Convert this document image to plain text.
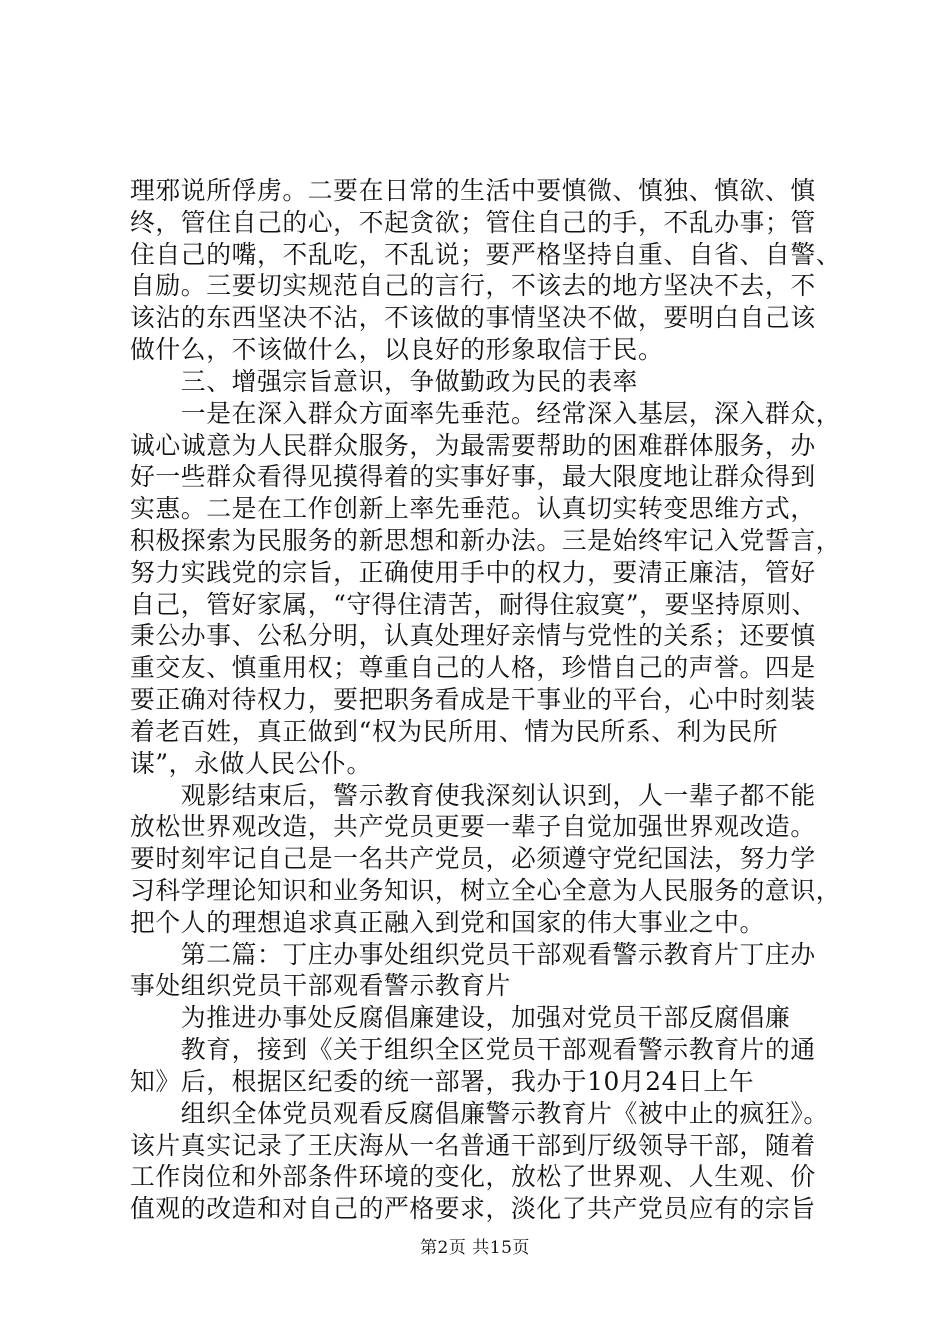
理邪说所俘虏。二要在日常的生活中要慎微、慎独、慎欲、慎
终，管住自己的心，不起贪欲；管住自己的手，不乱办事；管
住自己的嘴，不乱吃，不乱说；要严格坚持自重、自省、自警、
自励。三要切实规范自己的言行，不该去的地方坚决不去，不
该沾的东西坚决不沾，不该做的事情坚决不做，要明白自己该
做什么，不该做什么，以良好的形象取信于民。
　　三、增强宗旨意识，争做勤政为民的表率
　　一是在深入群众方面率先垂范。经常深入基层，深入群众，
诚心诚意为人民群众服务，为最需要帮助的困难群体服务，办
好一些群众看得见摸得着的实事好事，最大限度地让群众得到
实惠。二是在工作创新上率先垂范。认真切实转变思维方式，
积极探索为民服务的新思想和新办法。三是始终牢记入党誓言，
努力实践党的宗旨，正确使用手中的权力，要清正廉洁，管好
自己，管好家属，“守得住清苦，耐得住寂寞”，要坚持原则、
秉公办事、公私分明，认真处理好亲情与党性的关系；还要慎
重交友、慎重用权；尊重自己的人格，珍惜自己的声誉。四是
要正确对待权力，要把职务看成是干事业的平台，心中时刻装
着老百姓，真正做到“权为民所用、情为民所系、利为民所
谋”，永做人民公仆。
　　观影结束后，警示教育使我深刻认识到，人一辈子都不能
放松世界观改造，共产党员更要一辈子自觉加强世界观改造。
要时刻牢记自己是一名共产党员，必须遵守党纪国法，努力学
习科学理论知识和业务知识，树立全心全意为人民服务的意识，
把个人的理想追求真正融入到党和国家的伟大事业之中。
　　第二篇：丁庄办事处组织党员干部观看警示教育片丁庄办
事处组织党员干部观看警示教育片
　　为推进办事处反腐倡廉建设，加强对党员干部反腐倡廉
　　教育，接到《关于组织全区党员干部观看警示教育片的通
知》后，根据区纪委的统一部署，我办于10月24日上午
　　组织全体党员观看反腐倡廉警示教育片《被中止的疯狂》。
该片真实记录了王庆海从一名普通干部到厅级领导干部，随着
工作岗位和外部条件环境的变化，放松了世界观、人生观、价
值观的改造和对自己的严格要求，淡化了共产党员应有的宗旨
第2页 共15页
